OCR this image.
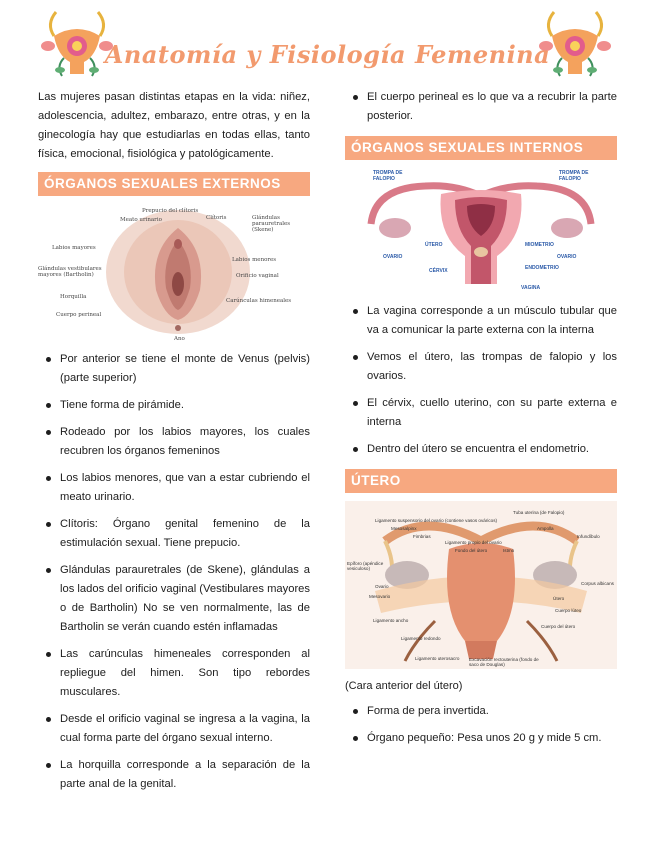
Anatomía y Fisiología Femenina

Las mujeres pasan distintas etapas en la vida: niñez, adolescencia, adultez, embarazo, entre otras, y en la ginecología hay que estudiarlas en todas ellas, tanto física, emocional, fisiológica y patológicamente.

ÓRGANOS SEXUALES EXTERNOS
Prepucio del clítoris
Meato urinario	Clítoris	Glándulas parauretrales (Skene)
Labios mayores
Labios menores
Glándulas vestibulares mayores (Bartholin)	Orificio vaginal
Horquilla
Carúnculas himeneales
Cuerpo perineal
Ano
Por anterior se tiene el monte de Venus (pelvis) (parte superior)
Tiene forma de pirámide.
Rodeado por los labios mayores, los cuales recubren los órganos femeninos
Los labios menores, que van a estar cubriendo el meato urinario.
Clítoris: Órgano genital femenino de la estimulación sexual. Tiene prepucio.
Glándulas parauretrales (de Skene), glándulas a los lados del orificio vaginal (Vestibulares mayores o de Bartholin) No se ven normalmente, las de Bartholin se verán cuando estén inflamadas
Las carúnculas himeneales corresponden al repliegue del himen. Son tipo rebordes musculares.
Desde el orificio vaginal se ingresa a la vagina, la cual forma parte del órgano sexual interno.
La horquilla corresponde a la separación de la parte anal de la genital.
El cuerpo perineal es lo que va a recubrir la parte posterior.
ÓRGANOS SEXUALES INTERNOS
TROMPA DE FALOPIO
TROMPA DE FALOPIO
OVARIO	OVARIO
ÚTERO	MIOMETRIO
ENDOMETRIO
CÉRVIX
VAGINA
La vagina corresponde a un músculo tubular que va a comunicar la parte externa con la interna
Vemos el útero, las trompas de falopio y los ovarios.
El cérvix, cuello uterino, con su parte externa e interna
Dentro del útero se encuentra el endometrio.
ÚTERO
Tuba uterina (de Falopio)
Ligamento suspensorio del ovario (contiene vasos ováricos)
Mesosalpinx
Fimbrias
Ligamento propio del ovario
Fondo del útero	Istmo
Ampolla
Infundíbulo
Epíforo (apéndice vesiculoso)
Corpus albicans
Ovario
Mesovario
Ligamento ancho
Cuerpo lúteo
Útero
Cuerpo del útero
Ligamento redondo
Ligamento uterosacro Excavación rectouterina (fondo de saco de Douglas)

(Cara anterior del útero)

Forma de pera invertida.
Órgano pequeño: Pesa unos 20 g y mide 5 cm.
